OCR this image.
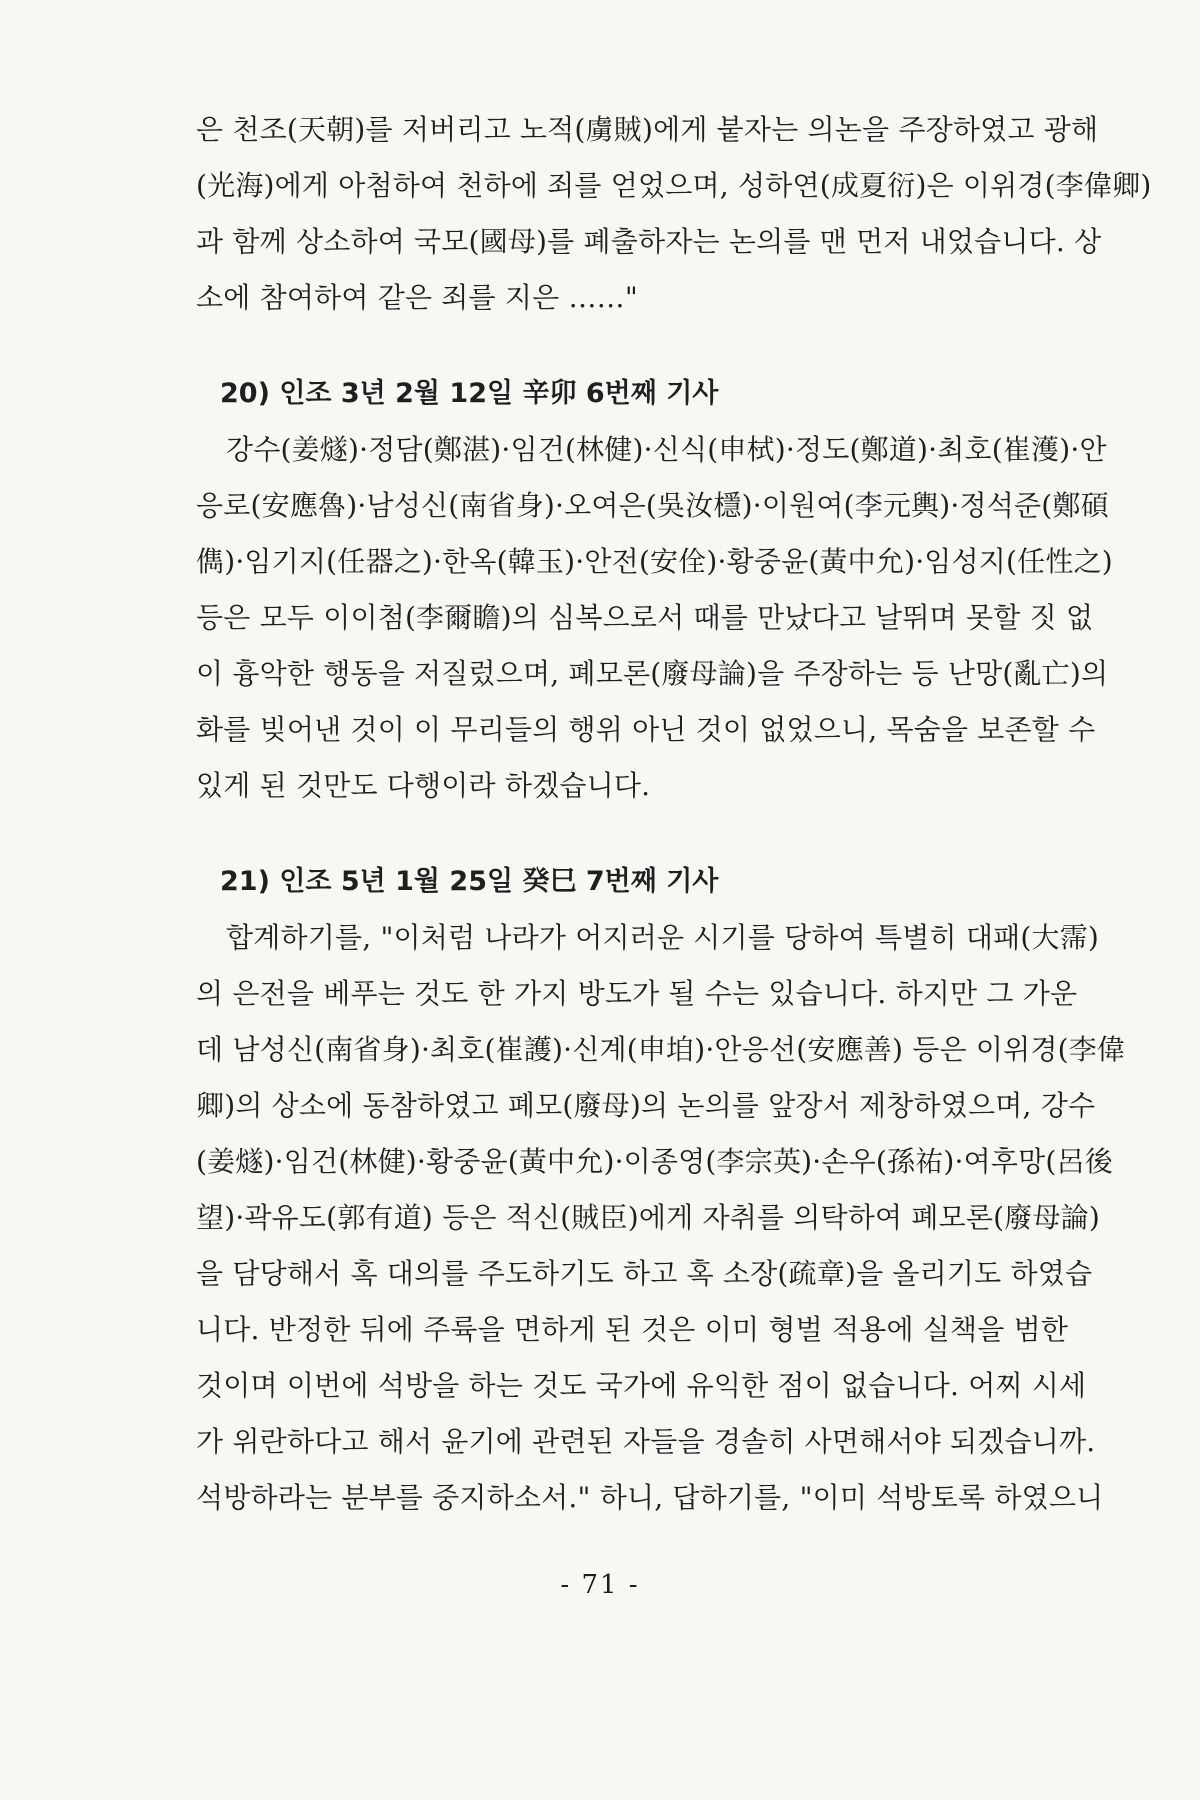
은 천조(天朝)를 저버리고 노적(虜賊)에게 붙자는 의논을 주장하였고 광해
(光海)에게 아첨하여 천하에 죄를 얻었으며, 성하연(成夏衍)은 이위경(李偉卿)
과 함께 상소하여 국모(國母)를 폐출하자는 논의를 맨 먼저 내었습니다. 상
소에 참여하여 같은 죄를 지은 ……"
20) 인조 3년 2월 12일 辛卯 6번째 기사
강수(姜燧)·정담(鄭湛)·임건(林健)·신식(申栻)·정도(鄭道)·최호(崔濩)·안
응로(安應魯)·남성신(南省身)·오여은(吳汝檼)·이원여(李元輿)·정석준(鄭碩
儁)·임기지(任器之)·한옥(韓玉)·안전(安佺)·황중윤(黃中允)·임성지(任性之)
등은 모두 이이첨(李爾瞻)의 심복으로서 때를 만났다고 날뛰며 못할 짓 없
이 흉악한 행동을 저질렀으며, 폐모론(廢母論)을 주장하는 등 난망(亂亡)의
화를 빚어낸 것이 이 무리들의 행위 아닌 것이 없었으니, 목숨을 보존할 수
있게 된 것만도 다행이라 하겠습니다.
21) 인조 5년 1월 25일 癸巳 7번째 기사
합계하기를, "이처럼 나라가 어지러운 시기를 당하여 특별히 대패(大霈)
의 은전을 베푸는 것도 한 가지 방도가 될 수는 있습니다. 하지만 그 가운
데 남성신(南省身)·최호(崔護)·신계(申垍)·안응선(安應善) 등은 이위경(李偉
卿)의 상소에 동참하였고 폐모(廢母)의 논의를 앞장서 제창하였으며, 강수
(姜燧)·임건(林健)·황중윤(黃中允)·이종영(李宗英)·손우(孫祐)·여후망(呂後
望)·곽유도(郭有道) 등은 적신(賊臣)에게 자취를 의탁하여 폐모론(廢母論)
을 담당해서 혹 대의를 주도하기도 하고 혹 소장(疏章)을 올리기도 하였습
니다. 반정한 뒤에 주륙을 면하게 된 것은 이미 형벌 적용에 실책을 범한
것이며 이번에 석방을 하는 것도 국가에 유익한 점이 없습니다. 어찌 시세
가 위란하다고 해서 윤기에 관련된 자들을 경솔히 사면해서야 되겠습니까.
석방하라는 분부를 중지하소서." 하니, 답하기를, "이미 석방토록 하였으니
- 71 -
